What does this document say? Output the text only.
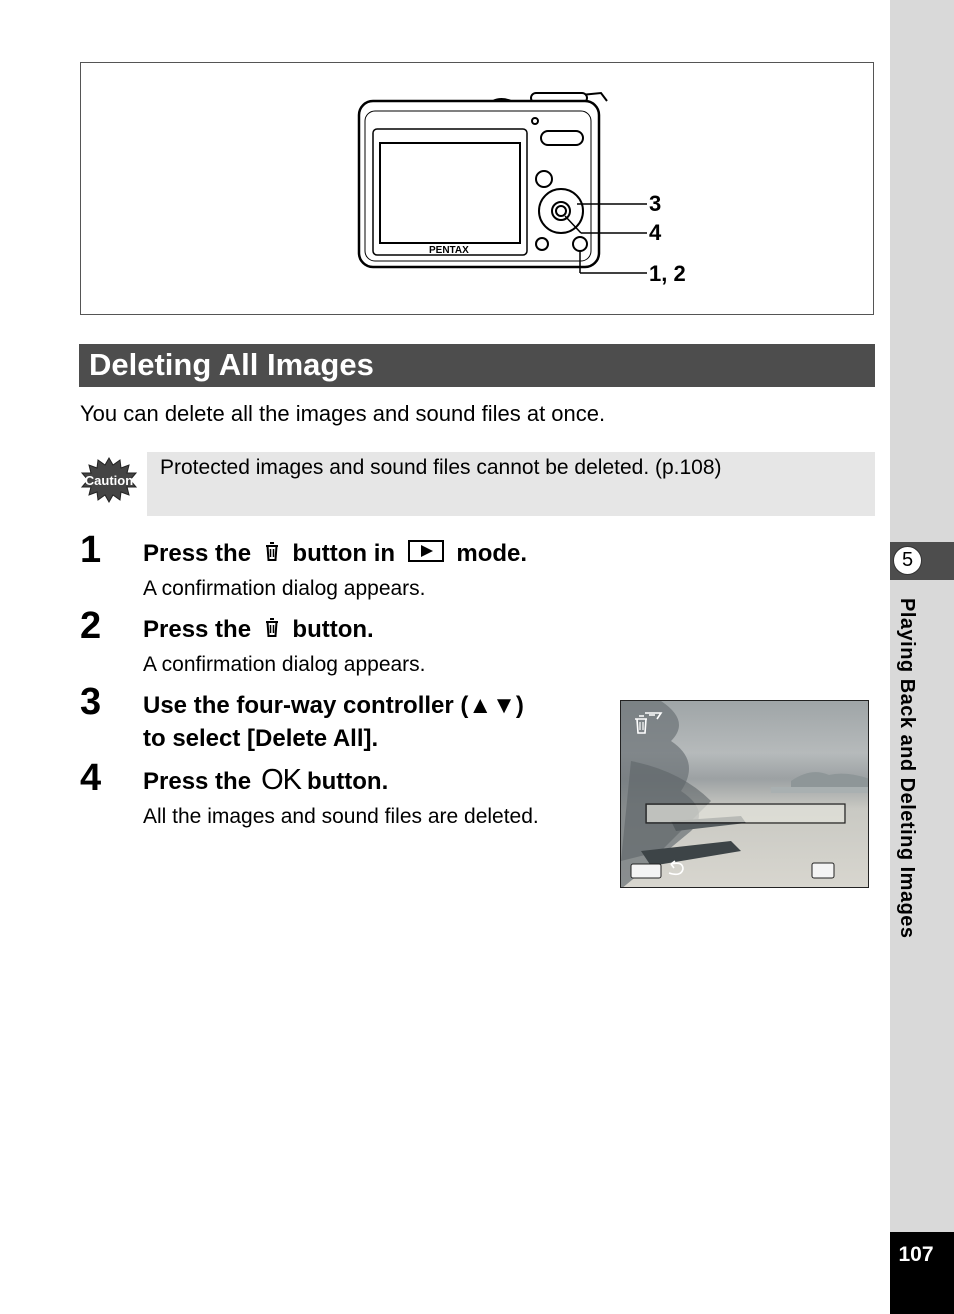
PENTAX
3
4
1, 2
Deleting All Images
You can delete all the images and sound files at once.
Caution
Protected images and sound files cannot be deleted. (p.108)
1 Press the button in	mode.
A confirmation dialog appears.
2 Press the button.
A confirmation dialog appears.
3 Use the four-way controller (▲▼)
to select [Delete All].
4 Press the OK button.
All the images and sound files are deleted.
5
Playing Back and Deleting Images
107
